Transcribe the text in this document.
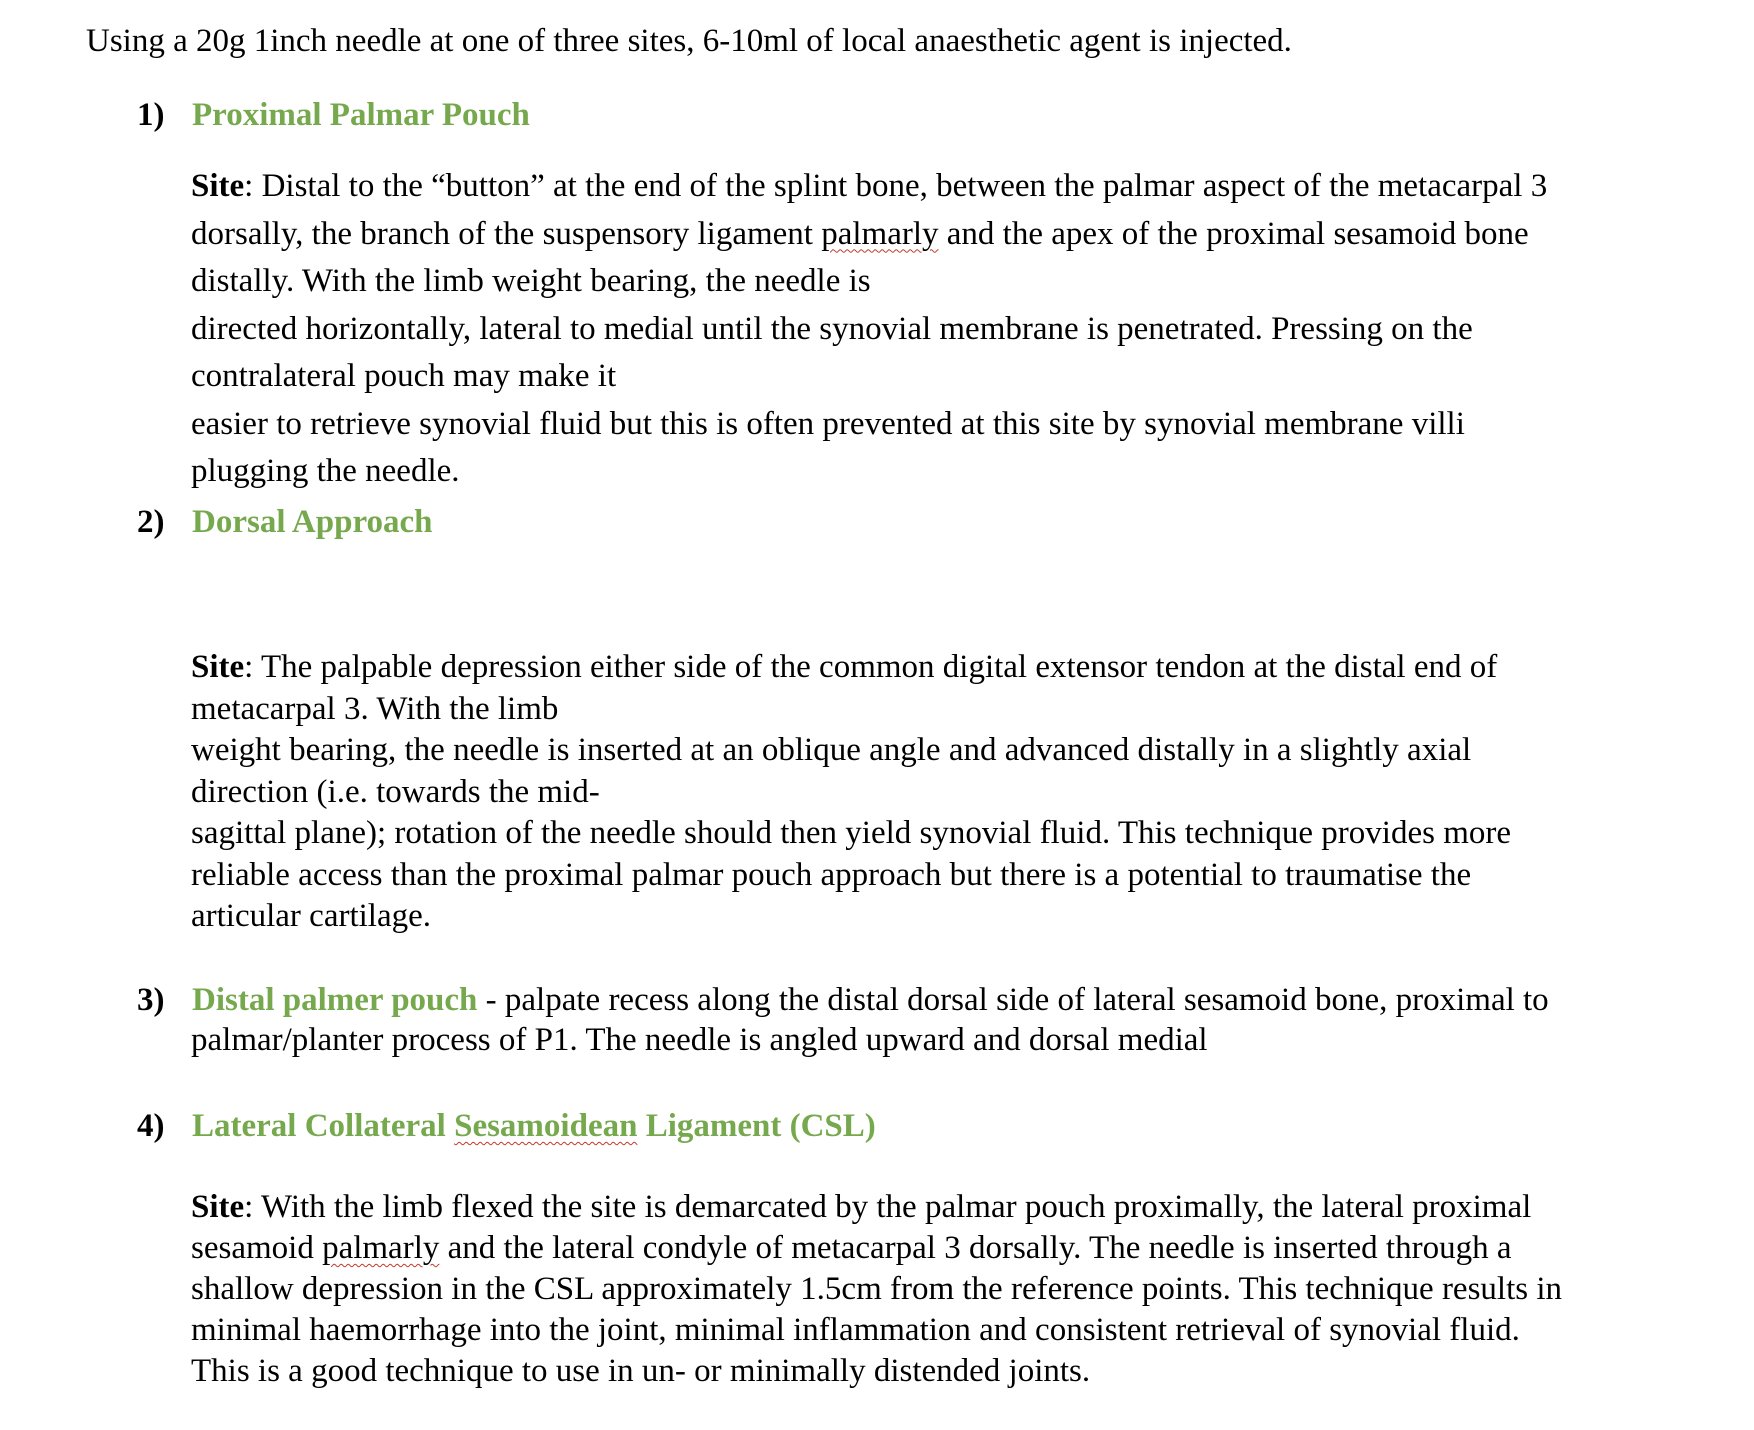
Using a 20g 1inch needle at one of three sites, 6-10ml of local anaesthetic agent is injected.
1) Proximal Palmar Pouch
Site: Distal to the “button” at the end of the splint bone, between the palmar aspect of the metacarpal 3
dorsally, the branch of the suspensory ligament palmarly and the apex of the proximal sesamoid bone
distally. With the limb weight bearing, the needle is
directed horizontally, lateral to medial until the synovial membrane is penetrated. Pressing on the
contralateral pouch may make it
easier to retrieve synovial fluid but this is often prevented at this site by synovial membrane villi
plugging the needle.
2) Dorsal Approach
Site: The palpable depression either side of the common digital extensor tendon at the distal end of
metacarpal 3. With the limb
weight bearing, the needle is inserted at an oblique angle and advanced distally in a slightly axial
direction (i.e. towards the mid-
sagittal plane); rotation of the needle should then yield synovial fluid. This technique provides more
reliable access than the proximal palmar pouch approach but there is a potential to traumatise the
articular cartilage.
3) Distal palmer pouch - palpate recess along the distal dorsal side of lateral sesamoid bone, proximal to
palmar/planter process of P1. The needle is angled upward and dorsal medial
4) Lateral Collateral Sesamoidean Ligament (CSL)
Site: With the limb flexed the site is demarcated by the palmar pouch proximally, the lateral proximal
sesamoid palmarly and the lateral condyle of metacarpal 3 dorsally. The needle is inserted through a
shallow depression in the CSL approximately 1.5cm from the reference points. This technique results in
minimal haemorrhage into the joint, minimal inflammation and consistent retrieval of synovial fluid.
This is a good technique to use in un- or minimally distended joints.
